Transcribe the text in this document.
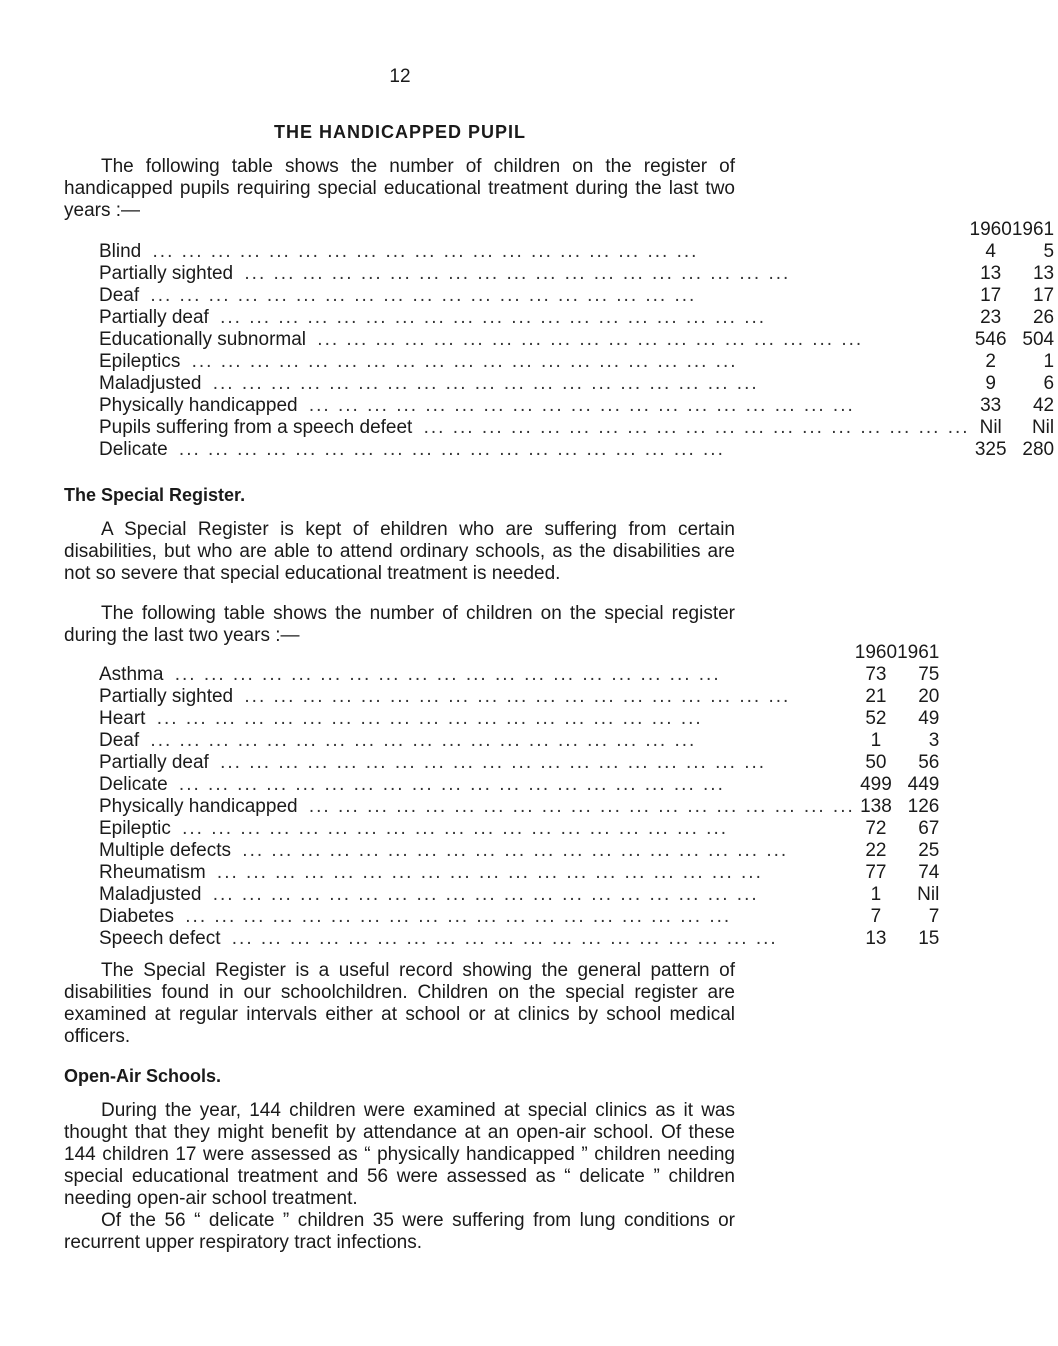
12
THE HANDICAPPED PUPIL

The following table shows the number of children on the register of handicapped pupils requiring special educational treatment during the last two years :—

	1960	1961
Blind ... ... ... ... ... ... ... ... ... ... ... ... ... ... ... ... ... ... ...	4	5
Partially sighted ... ... ... ... ... ... ... ... ... ... ... ... ... ... ... ... ... ... ...	13	13
Deaf ... ... ... ... ... ... ... ... ... ... ... ... ... ... ... ... ... ... ...	17	17
Partially deaf ... ... ... ... ... ... ... ... ... ... ... ... ... ... ... ... ... ... ...	23	26
Educationally subnormal ... ... ... ... ... ... ... ... ... ... ... ... ... ... ... ... ... ... ...	546	504
Epileptics ... ... ... ... ... ... ... ... ... ... ... ... ... ... ... ... ... ... ...	2	1
Maladjusted ... ... ... ... ... ... ... ... ... ... ... ... ... ... ... ... ... ... ...	9	6
Physically handicapped ... ... ... ... ... ... ... ... ... ... ... ... ... ... ... ... ... ... ...	33	42
Pupils suffering from a speech defeet ... ... ... ... ... ... ... ... ... ... ... ... ... ... ... ... ... ... ...	Nil	Nil
Delicate ... ... ... ... ... ... ... ... ... ... ... ... ... ... ... ... ... ... ...	325	280
The Special Register.

A Special Register is kept of ehildren who are suffering from certain disabilities, but who are able to attend ordinary schools, as the disabilities are not so severe that special educational treatment is needed.

The following table shows the number of children on the special register during the last two years :—

	1960	1961
Asthma ... ... ... ... ... ... ... ... ... ... ... ... ... ... ... ... ... ... ...	73	75
Partially sighted ... ... ... ... ... ... ... ... ... ... ... ... ... ... ... ... ... ... ...	21	20
Heart ... ... ... ... ... ... ... ... ... ... ... ... ... ... ... ... ... ... ...	52	49
Deaf ... ... ... ... ... ... ... ... ... ... ... ... ... ... ... ... ... ... ...	1	3
Partially deaf ... ... ... ... ... ... ... ... ... ... ... ... ... ... ... ... ... ... ...	50	56
Delicate ... ... ... ... ... ... ... ... ... ... ... ... ... ... ... ... ... ... ...	499	449
Physically handicapped ... ... ... ... ... ... ... ... ... ... ... ... ... ... ... ... ... ... ...	138	126
Epileptic ... ... ... ... ... ... ... ... ... ... ... ... ... ... ... ... ... ... ...	72	67
Multiple defects ... ... ... ... ... ... ... ... ... ... ... ... ... ... ... ... ... ... ...	22	25
Rheumatism ... ... ... ... ... ... ... ... ... ... ... ... ... ... ... ... ... ... ...	77	74
Maladjusted ... ... ... ... ... ... ... ... ... ... ... ... ... ... ... ... ... ... ...	1	Nil
Diabetes ... ... ... ... ... ... ... ... ... ... ... ... ... ... ... ... ... ... ...	7	7
Speech defect ... ... ... ... ... ... ... ... ... ... ... ... ... ... ... ... ... ... ...	13	15

The Special Register is a useful record showing the general pattern of disabilities found in our schoolchildren. Children on the special register are examined at regular intervals either at school or at clinics by school medical officers.

Open-Air Schools.

During the year, 144 children were examined at special clinics as it was thought that they might benefit by attendance at an open-air school. Of these 144 children 17 were assessed as “ physically handicapped ” children needing special educational treatment and 56 were assessed as “ delicate ” children needing open-air school treatment.

Of the 56 “ delicate ” children 35 were suffering from lung conditions or recurrent upper respiratory tract infections.
